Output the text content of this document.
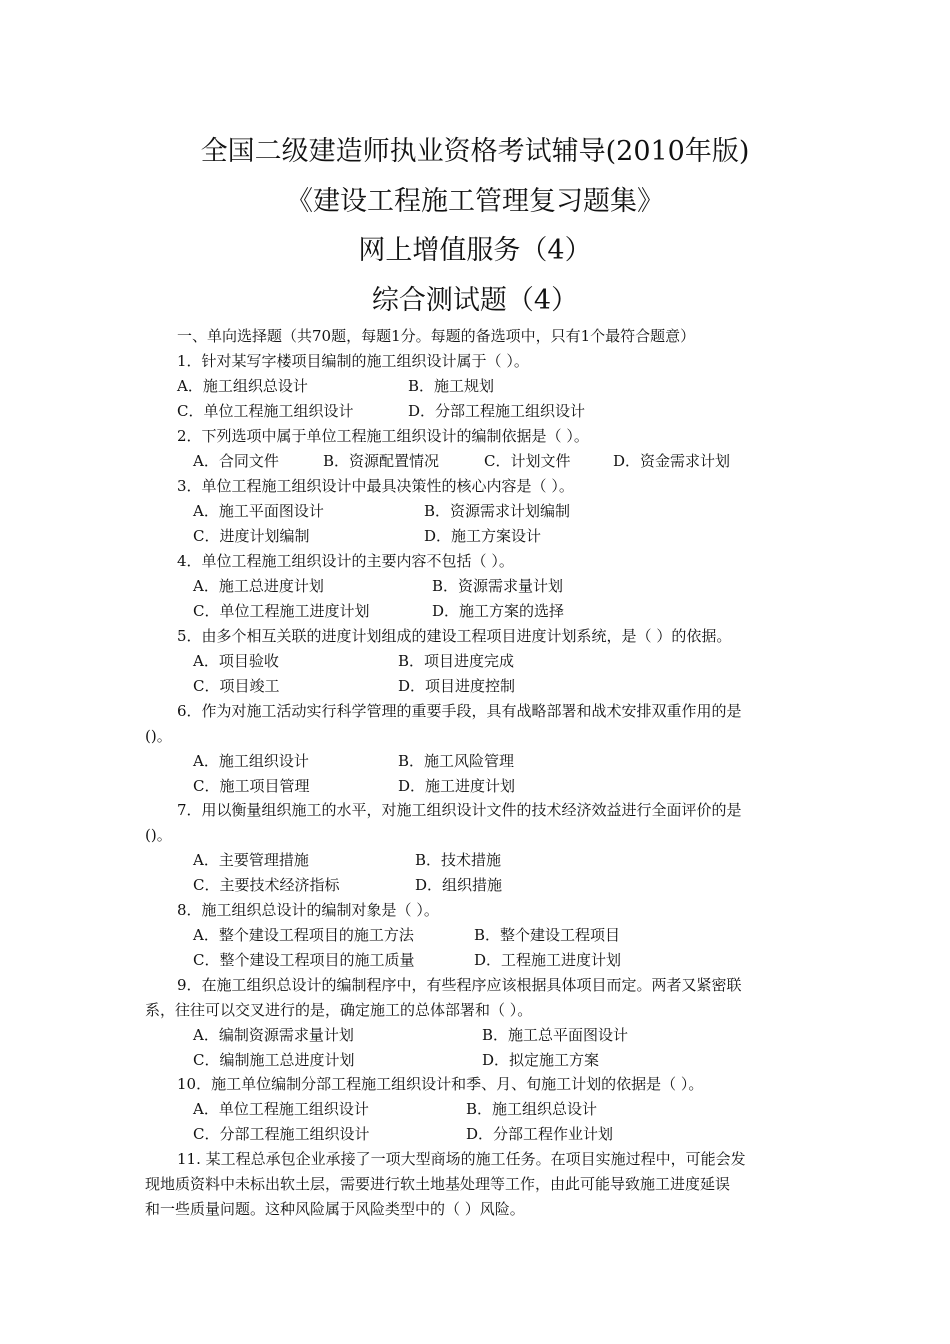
全国二级建造师执业资格考试辅导(2010年版)
《建设工程施工管理复习题集》
网上增值服务（4）
综合测试题（4）
一、单向选择题（共70题，每题1分。每题的备选项中，只有1个最符合题意）
1．针对某写字楼项目编制的施工组织设计属于（ ）。
A．施工组织总设计	B．施工规划
C．单位工程施工组织设计	D．分部工程施工组织设计
2．下列选项中属于单位工程施工组织设计的编制依据是（ ）。
A．合同文件	B．资源配置情况	C．计划文件	D．资金需求计划
3．单位工程施工组织设计中最具决策性的核心内容是（ ）。
A．施工平面图设计	B．资源需求计划编制
C．进度计划编制	D．施工方案设计
4．单位工程施工组织设计的主要内容不包括（ ）。
A．施工总进度计划	B．资源需求量计划
C．单位工程施工进度计划	D．施工方案的选择
5．由多个相互关联的进度计划组成的建设工程项目进度计划系统，是（ ）的依据。
A．项目验收	B．项目进度完成
C．项目竣工	D．项目进度控制
6．作为对施工活动实行科学管理的重要手段，具有战略部署和战术安排双重作用的是
()。
A．施工组织设计	B．施工风险管理
C．施工项目管理	D．施工进度计划
7．用以衡量组织施工的水平，对施工组织设计文件的技术经济效益进行全面评价的是
()。
A．主要管理措施	B．技术措施
C．主要技术经济指标	D．组织措施
8．施工组织总设计的编制对象是（ ）。
A．整个建设工程项目的施工方法	B．整个建设工程项目
C．整个建设工程项目的施工质量	D．工程施工进度计划
9．在施工组织总设计的编制程序中，有些程序应该根据具体项目而定。两者又紧密联
系，往往可以交叉进行的是，确定施工的总体部署和（ ）。
A．编制资源需求量计划	B．施工总平面图设计
C．编制施工总进度计划	D．拟定施工方案
10．施工单位编制分部工程施工组织设计和季、月、旬施工计划的依据是（ ）。
A．单位工程施工组织设计	B．施工组织总设计
C．分部工程施工组织设计	D．分部工程作业计划
11. 某工程总承包企业承接了一项大型商场的施工任务。在项目实施过程中，可能会发
现地质资料中未标出软土层，需要进行软土地基处理等工作，由此可能导致施工进度延误
和一些质量问题。这种风险属于风险类型中的（ ）风险。
